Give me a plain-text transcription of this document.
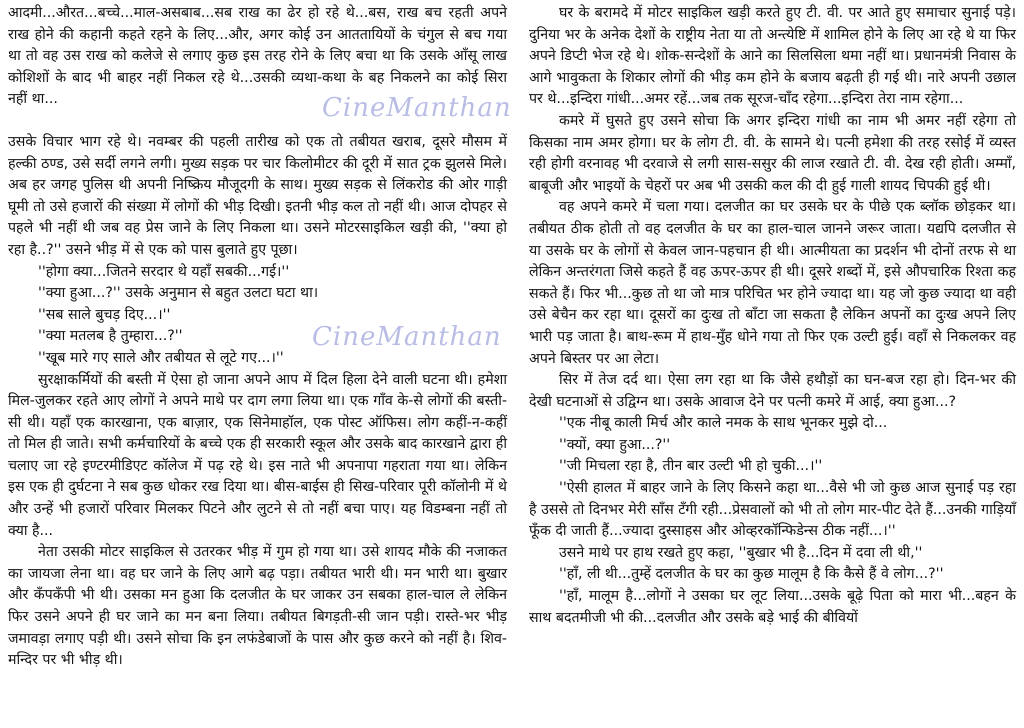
आदमी...औरत...बच्चे...माल-असबाब...सब राख का ढेर हो रहे थे...बस, राख बच रहती अपने राख होने की कहानी कहते रहने के लिए...और, अगर कोई उन आततायियों के चंगुल से बच गया था तो वह उस राख को कलेजे से लगाए कुछ इस तरह रोने के लिए बचा था कि उसके आँसू लाख कोशिशों के बाद भी बाहर नहीं निकल रहे थे...उसकी व्यथा-कथा के बह निकलने का कोई सिरा नहीं था...

उसके विचार भाग रहे थे। नवम्बर की पहली तारीख को एक तो तबीयत खराब, दूसरे मौसम में हल्की ठण्ड, उसे सर्दी लगने लगी। मुख्य सड़क पर चार किलोमीटर की दूरी में सात ट्रक झुलसे मिले। अब हर जगह पुलिस थी अपनी निष्क्रिय मौजूदगी के साथ। मुख्य सड़क से लिंकरोड की ओर गाड़ी घूमी तो उसे हजारों की संख्या में लोगों की भीड़ दिखी। इतनी भीड़ कल तो नहीं थी। आज दोपहर से पहले भी नहीं थी जब वह प्रेस जाने के लिए निकला था। उसने मोटरसाइकिल खड़ी की, ''क्या हो रहा है..?'' उसने भीड़ में से एक को पास बुलाते हुए पूछा।

''होगा क्या...जितने सरदार थे यहाँ सबकी...गई।''

''क्या हुआ...?'' उसके अनुमान से बहुत उलटा घटा था।

''सब साले बुचड़ दिए...।''

''क्या मतलब है तुम्हारा...?''

''खूब मारे गए साले और तबीयत से लूटे गए...।''

सुरक्षाकर्मियों की बस्ती में ऐसा हो जाना अपने आप में दिल हिला देने वाली घटना थी। हमेशा मिल-जुलकर रहते आए लोगों ने अपने माथे पर दाग लगा लिया था। एक गाँव के-से लोगों की बस्ती-सी थी। यहाँ एक कारखाना, एक बाज़ार, एक सिनेमाहॉल, एक पोस्ट ऑफिस। लोग कहीं-न-कहीं तो मिल ही जाते। सभी कर्मचारियों के बच्चे एक ही सरकारी स्कूल और उसके बाद कारखाने द्वारा ही चलाए जा रहे इण्टरमीडिएट कॉलेज में पढ़ रहे थे। इस नाते भी अपनापा गहराता गया था। लेकिन इस एक ही दुर्घटना ने सब कुछ धोकर रख दिया था। बीस-बाईस ही सिख-परिवार पूरी कॉलोनी में थे और उन्हें भी हजारों परिवार मिलकर पिटने और लुटने से तो नहीं बचा पाए। यह विडम्बना नहीं तो क्या है...

नेता उसकी मोटर साइकिल से उतरकर भीड़ में गुम हो गया था। उसे शायद मौके की नजाकत का जायजा लेना था। वह घर जाने के लिए आगे बढ़ पड़ा। तबीयत भारी थी। मन भारी था। बुखार और कँपकँपी भी थी। उसका मन हुआ कि दलजीत के घर जाकर उन सबका हाल-चाल ले लेकिन फिर उसने अपने ही घर जाने का मन बना लिया। तबीयत बिगड़ती-सी जान पड़ी। रास्ते-भर भीड़ जमावड़ा लगाए पड़ी थी। उसने सोचा कि इन लफंडेबाजों के पास और कुछ करने को नहीं है। शिव-मन्दिर पर भी भीड़ थी।

घर के बरामदे में मोटर साइकिल खड़ी करते हुए टी. वी. पर आते हुए समाचार सुनाई पड़े। दुनिया भर के अनेक देशों के राष्ट्रीय नेता या तो अन्त्येष्टि में शामिल होने के लिए आ रहे थे या फिर अपने डिप्टी भेज रहे थे। शोक-सन्देशों के आने का सिलसिला थमा नहीं था। प्रधानमंत्री निवास के आगे भावुकता के शिकार लोगों की भीड़ कम होने के बजाय बढ़ती ही गई थी। नारे अपनी उछाल पर थे...इन्दिरा गांधी...अमर रहें...जब तक सूरज-चाँद रहेगा...इन्दिरा तेरा नाम रहेगा...

कमरे में घुसते हुए उसने सोचा कि अगर इन्दिरा गांधी का नाम भी अमर नहीं रहेगा तो किसका नाम अमर होगा। घर के लोग टी. वी. के सामने थे। पत्नी हमेशा की तरह रसोई में व्यस्त रही होगी वरनावह भी दरवाजे से लगी सास-ससुर की लाज रखाते टी. वी. देख रही होती। अम्माँ, बाबूजी और भाइयों के चेहरों पर अब भी उसकी कल की दी हुई गाली शायद चिपकी हुई थी।

वह अपने कमरे में चला गया। दलजीत का घर उसके घर के पीछे एक ब्लॉक छोड़कर था। तबीयत ठीक होती तो वह दलजीत के घर का हाल-चाल जानने जरूर जाता। यद्यपि दलजीत से या उसके घर के लोगों से केवल जान-पहचान ही थी। आत्मीयता का प्रदर्शन भी दोनों तरफ से था लेकिन अन्तरंगता जिसे कहते हैं वह ऊपर-ऊपर ही थी। दूसरे शब्दों में, इसे औपचारिक रिश्ता कह सकते हैं। फिर भी...कुछ तो था जो मात्र परिचित भर होने ज्यादा था। यह जो कुछ ज्यादा था वही उसे बेचैन कर रहा था। दूसरों का दुःख तो बाँटा जा सकता है लेकिन अपनों का दुःख अपने लिए भारी पड़ जाता है। बाथ-रूम में हाथ-मुँह धोने गया तो फिर एक उल्टी हुई। वहाँ से निकलकर वह अपने बिस्तर पर आ लेटा।

सिर में तेज दर्द था। ऐसा लग रहा था कि जैसे हथौड़ों का घन-बज रहा हो। दिन-भर की देखी घटनाओं से उद्विग्न था। उसके आवाज देने पर पत्नी कमरे में आई, क्या हुआ...?

''एक नीबू काली मिर्च और काले नमक के साथ भूनकर मुझे दो...

''क्यों, क्या हुआ...?''

''जी मिचला रहा है, तीन बार उल्टी भी हो चुकी...।''

''ऐसी हालत में बाहर जाने के लिए किसने कहा था...वैसे भी जो कुछ आज सुनाई पड़ रहा है उससे तो दिनभर मेरी साँस टँगी रही...प्रेसवालों को भी तो लोग मार-पीट देते हैं...उनकी गाड़ियाँ फूँक दी जाती हैं...ज्यादा दुस्साहस और ओव्हरकॉन्फिडेन्स ठीक नहीं...।''

उसने माथे पर हाथ रखते हुए कहा, ''बुखार भी है...दिन में दवा ली थी,''

''हाँ, ली थी...तुम्हें दलजीत के घर का कुछ मालूम है कि कैसे हैं वे लोग...?''

''हाँ, मालूम है...लोगों ने उसका घर लूट लिया...उसके बूढ़े पिता को मारा भी...बहन के साथ बदतमीजी भी की...दलजीत और उसके बड़े भाई की बीवियों

CineManthan
CineManthan
